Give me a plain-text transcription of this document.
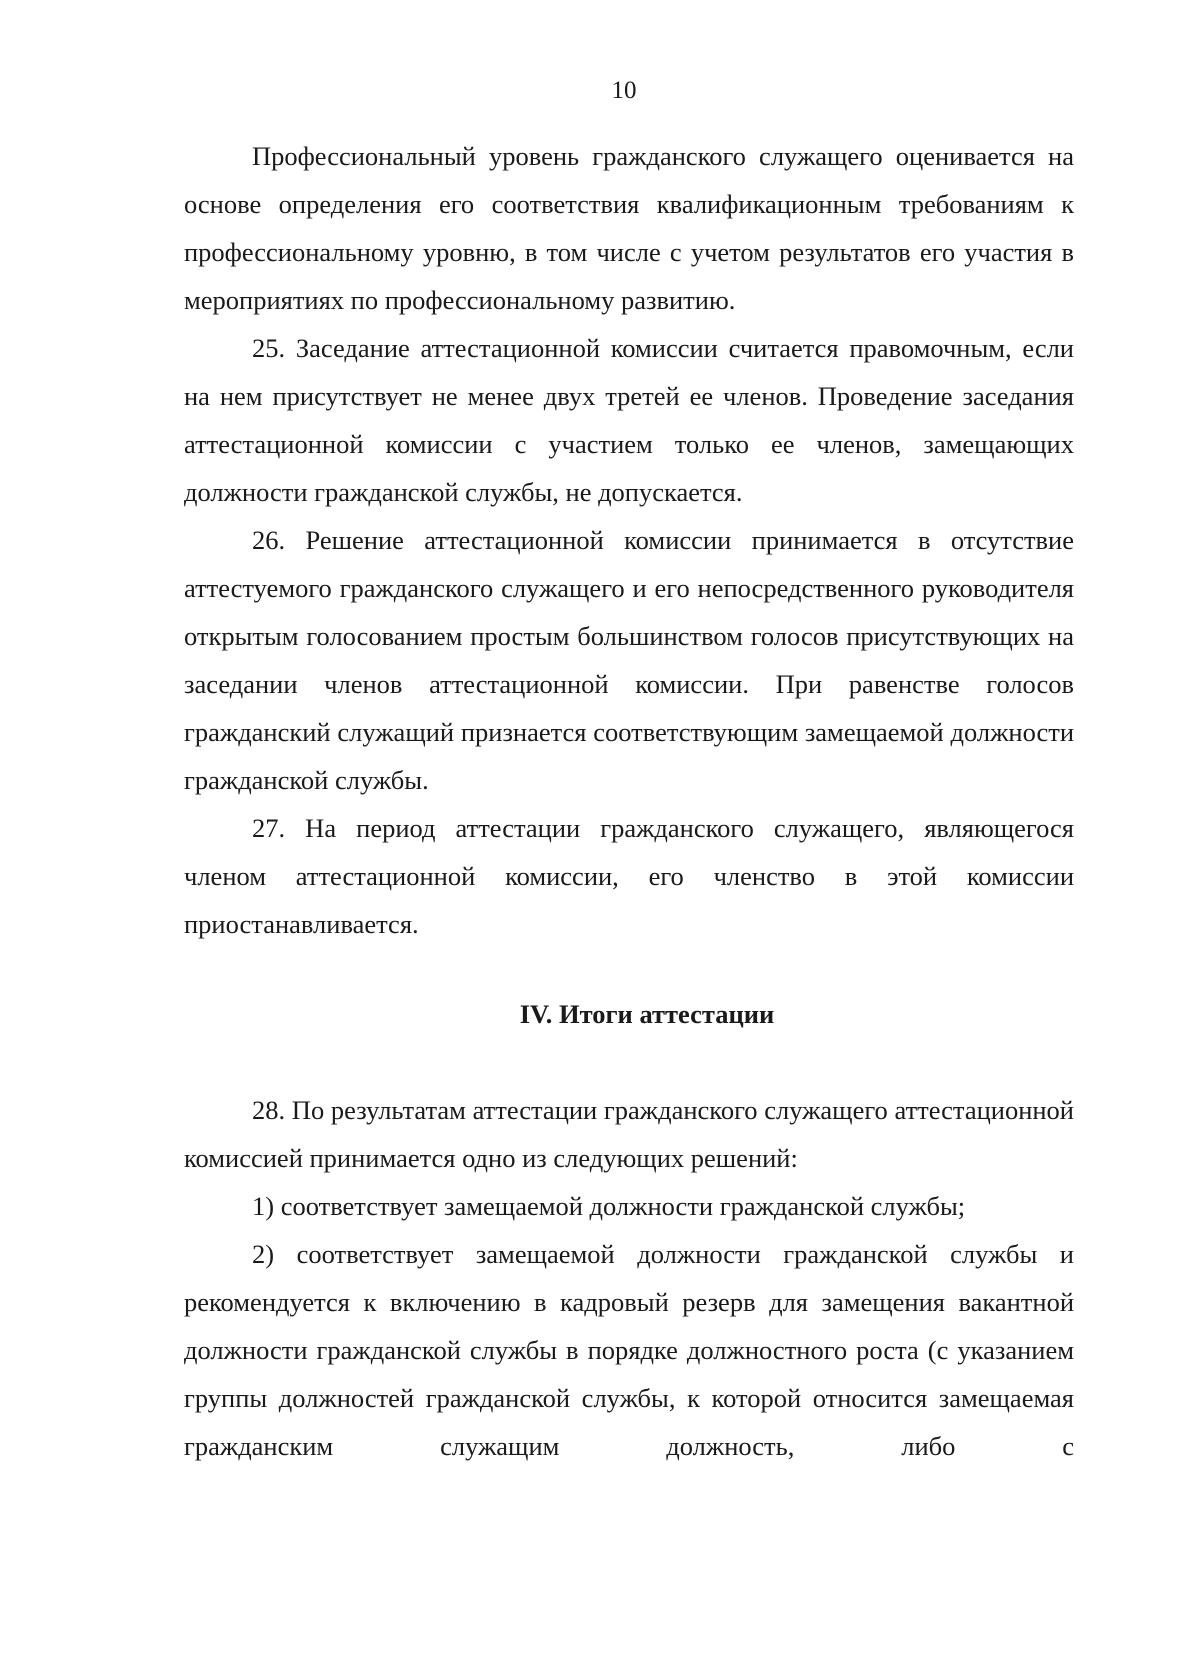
10

Профессиональный уровень гражданского служащего оценивается на основе определения его соответствия квалификационным требованиям к профессиональному уровню, в том числе с учетом результатов его участия в мероприятиях по профессиональному развитию.

25. Заседание аттестационной комиссии считается правомочным, если на нем присутствует не менее двух третей ее членов. Проведение заседания аттестационной комиссии с участием только ее членов, замещающих должности гражданской службы, не допускается.

26. Решение аттестационной комиссии принимается в отсутствие аттестуемого гражданского служащего и его непосредственного руководителя открытым голосованием простым большинством голосов присутствующих на заседании членов аттестационной комиссии. При равенстве голосов гражданский служащий признается соответствующим замещаемой должности гражданской службы.

27. На период аттестации гражданского служащего, являющегося членом аттестационной комиссии, его членство в этой комиссии приостанавливается.

IV. Итоги аттестации

28. По результатам аттестации гражданского служащего аттестационной комиссией принимается одно из следующих решений:

1) соответствует замещаемой должности гражданской службы;

2) соответствует замещаемой должности гражданской службы и рекомендуется к включению в кадровый резерв для замещения вакантной должности гражданской службы в порядке должностного роста (с указанием группы должностей гражданской службы, к которой относится замещаемая гражданским служащим должность, либо с
